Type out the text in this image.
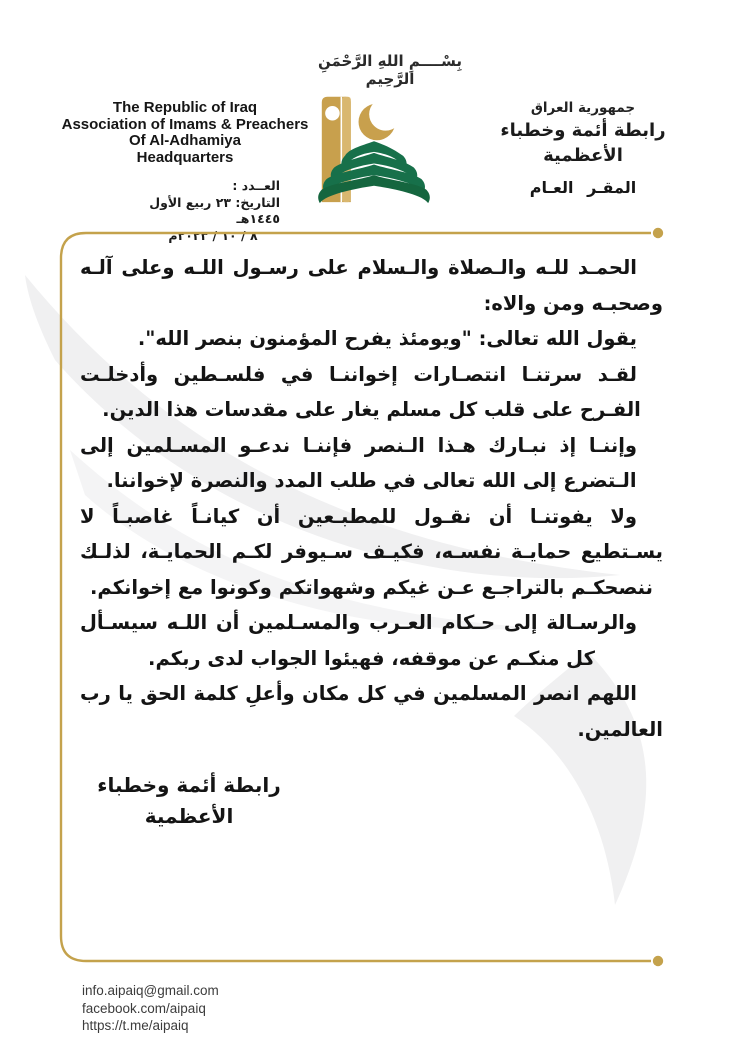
بِسْــــمِ اللهِ الرَّحْمَنِ الرَّحِيم
The Republic of Iraq
Association of Imams & Preachers
Of Al-Adhamiya
Headquarters
جمهورية العراق
رابطة أئمة وخطباء الأعظمية
المقـر العـام
العــدد :
التاريخ: ٢٣ ربيع الأول ١٤٤٥هـ
٨ / ١٠ / ٢٠٢٣م

الحمـد للـه والـصلاة والـسلام على رسـول اللـه وعلى آلـه وصحبـه ومن والاه:

يقول الله تعالى: "ويومئذ يفرح المؤمنون بنصر الله".

لقـد سرتنـا انتصـارات إخواننـا في فلسـطين وأدخلـت الفـرح على قلب كل مسلم يغار على مقدسات هذا الدين.

وإننـا إذ نبـارك هـذا الـنصر فإننـا ندعـو المسـلمين إلى الـتضرع إلى الله تعالى في طلب المدد والنصرة لإخواننا.

ولا يفوتنـا أن نقـول للمطبـعين أن كيانـاً غاصبـاً لا يسـتطيع حمايـة نفسـه، فكيـف سـيوفر لكـم الحمايـة، لذلـك ننصحكـم بالتراجـع عـن غيكم وشهواتكم وكونوا مع إخوانكم.

والرسـالة إلى حـكام العـرب والمسـلمين أن اللـه سيسـأل كل منكـم عن موقفه، فهيئوا الجواب لدى ربكم.

اللهم انصر المسلمين في كل مكان وأعلِ كلمة الحق يا رب العالمين.

رابطة أئمة وخطباء
الأعظمية
info.aipaiq@gmail.com
facebook.com/aipaiq
https://t.me/aipaiq
